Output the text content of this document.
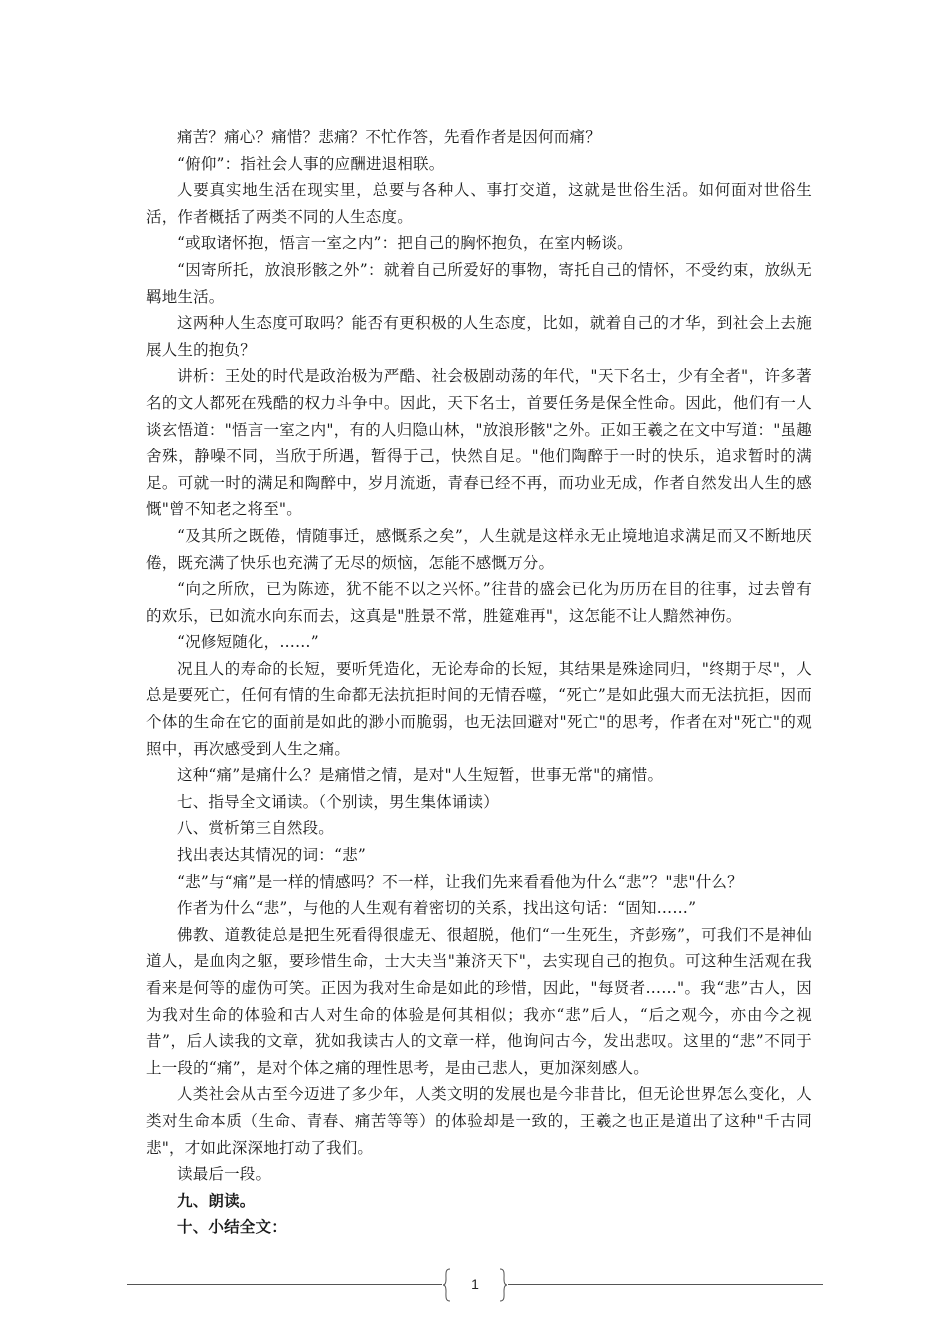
痛苦？痛心？痛惜？悲痛？不忙作答，先看作者是因何而痛？

“俯仰”：指社会人事的应酬进退相联。

人要真实地生活在现实里，总要与各种人、事打交道，这就是世俗生活。如何面对世俗生活，作者概括了两类不同的人生态度。

“或取诸怀抱，悟言一室之内”：把自己的胸怀抱负，在室内畅谈。

“因寄所托，放浪形骸之外”：就着自己所爱好的事物，寄托自己的情怀，不受约束，放纵无羁地生活。

这两种人生态度可取吗？能否有更积极的人生态度，比如，就着自己的才华，到社会上去施展人生的抱负？

讲析：王处的时代是政治极为严酷、社会极剧动荡的年代，"天下名士，少有全者"，许多著名的文人都死在残酷的权力斗争中。因此，天下名士，首要任务是保全性命。因此，他们有一人谈玄悟道："悟言一室之内"，有的人归隐山林，"放浪形骸"之外。正如王羲之在文中写道："虽趣舍殊，静噪不同，当欣于所遇，暂得于己，快然自足。"他们陶醉于一时的快乐，追求暂时的满足。可就一时的满足和陶醉中，岁月流逝，青春已经不再，而功业无成，作者自然发出人生的感慨"曾不知老之将至"。

“及其所之既倦，情随事迁，感慨系之矣”，人生就是这样永无止境地追求满足而又不断地厌倦，既充满了快乐也充满了无尽的烦恼，怎能不感慨万分。

“向之所欣，已为陈迹，犹不能不以之兴怀。”往昔的盛会已化为历历在目的往事，过去曾有的欢乐，已如流水向东而去，这真是"胜景不常，胜筵难再"，这怎能不让人黯然神伤。

“况修短随化，……”

况且人的寿命的长短，要听凭造化，无论寿命的长短，其结果是殊途同归，"终期于尽"，人总是要死亡，任何有情的生命都无法抗拒时间的无情吞噬，“死亡”是如此强大而无法抗拒，因而个体的生命在它的面前是如此的渺小而脆弱，也无法回避对"死亡"的思考，作者在对"死亡"的观照中，再次感受到人生之痛。

这种“痛”是痛什么？是痛惜之情，是对"人生短暂，世事无常"的痛惜。

七、指导全文诵读。（个别读，男生集体诵读）

八、赏析第三自然段。

找出表达其情况的词：“悲”

“悲”与“痛”是一样的情感吗？不一样，让我们先来看看他为什么“悲”？"悲"什么？

作者为什么“悲”，与他的人生观有着密切的关系，找出这句话：“固知……”

佛教、道教徒总是把生死看得很虚无、很超脱，他们“一生死生，齐彭殇”，可我们不是神仙道人，是血肉之躯，要珍惜生命，士大夫当"兼济天下"，去实现自己的抱负。可这种生活观在我看来是何等的虚伪可笑。正因为我对生命是如此的珍惜，因此，"每贤者……"。我“悲”古人，因为我对生命的体验和古人对生命的体验是何其相似；我亦“悲”后人，“后之观今，亦由今之视昔”，后人读我的文章，犹如我读古人的文章一样，他询问古今，发出悲叹。这里的“悲”不同于上一段的“痛”，是对个体之痛的理性思考，是由己悲人，更加深刻感人。

人类社会从古至今迈进了多少年，人类文明的发展也是今非昔比，但无论世界怎么变化，人类对生命本质（生命、青春、痛苦等等）的体验却是一致的，王羲之也正是道出了这种"千古同悲"，才如此深深地打动了我们。

读最后一段。

九、朗读。

十、小结全文：

1
